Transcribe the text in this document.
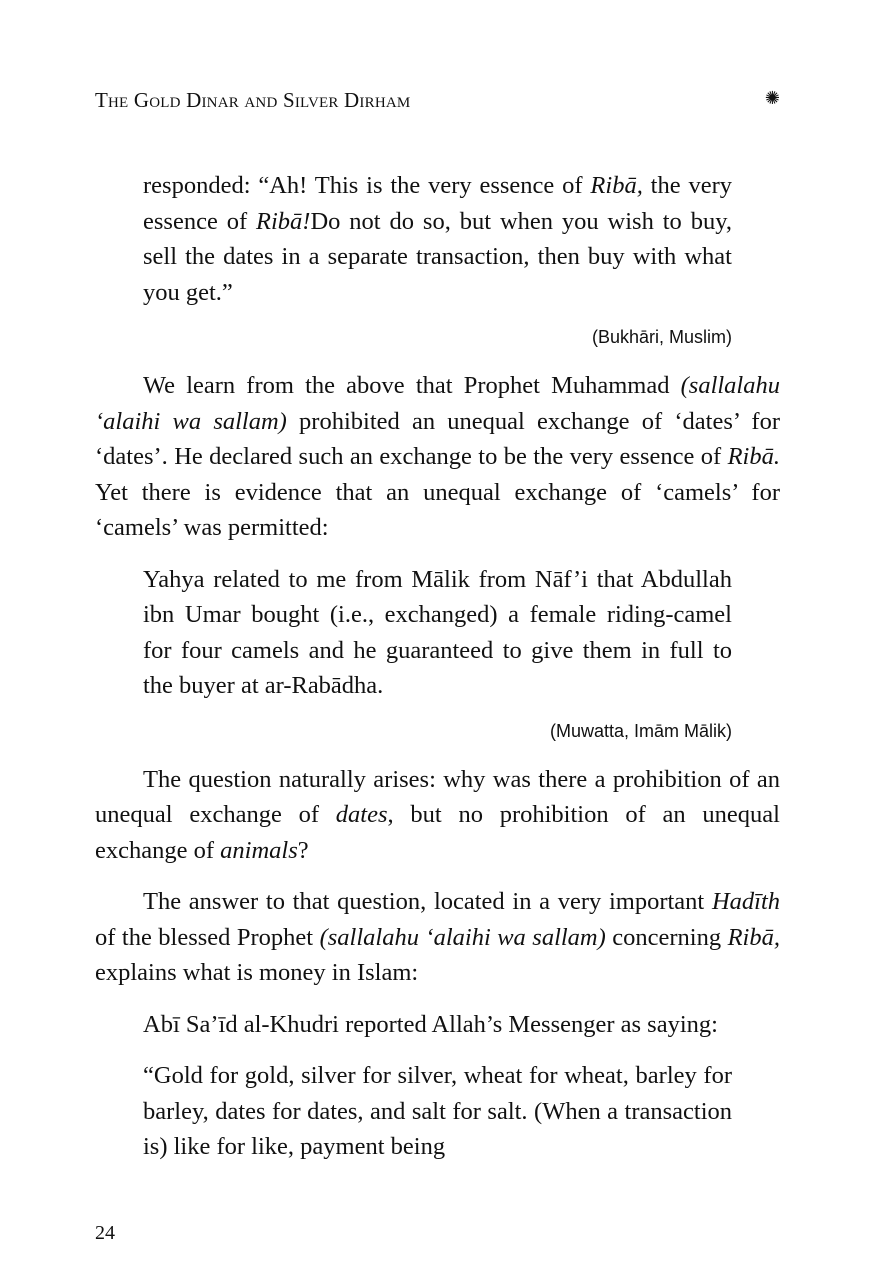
The Gold Dinar and Silver Dirham	✺
responded: “Ah! This is the very essence of Ribā, the very essence of Ribā!Do not do so, but when you wish to buy, sell the dates in a separate transaction, then buy with what you get.”
(Bukhāri, Muslim)

We learn from the above that Prophet Muhammad (sallalahu ‘alaihi wa sallam) prohibited an unequal exchange of ‘dates’ for ‘dates’. He declared such an exchange to be the very essence of Ribā. Yet there is evidence that an unequal exchange of ‘camels’ for ‘camels’ was permitted:

Yahya related to me from Mālik from Nāf’i that Abdullah ibn Umar bought (i.e., exchanged) a female riding-camel for four camels and he guaranteed to give them in full to the buyer at ar-Rabādha.
(Muwatta, Imām Mālik)

The question naturally arises: why was there a prohibition of an unequal exchange of dates, but no prohibition of an unequal exchange of animals?

The answer to that question, located in a very important Hadīth of the blessed Prophet (sallalahu ‘alaihi wa sallam) concerning Ribā, explains what is money in Islam:

Abī Sa’īd al-Khudri reported Allah’s Messenger as saying:
“Gold for gold, silver for silver, wheat for wheat, barley for barley, dates for dates, and salt for salt. (When a transaction is) like for like, payment being
24
